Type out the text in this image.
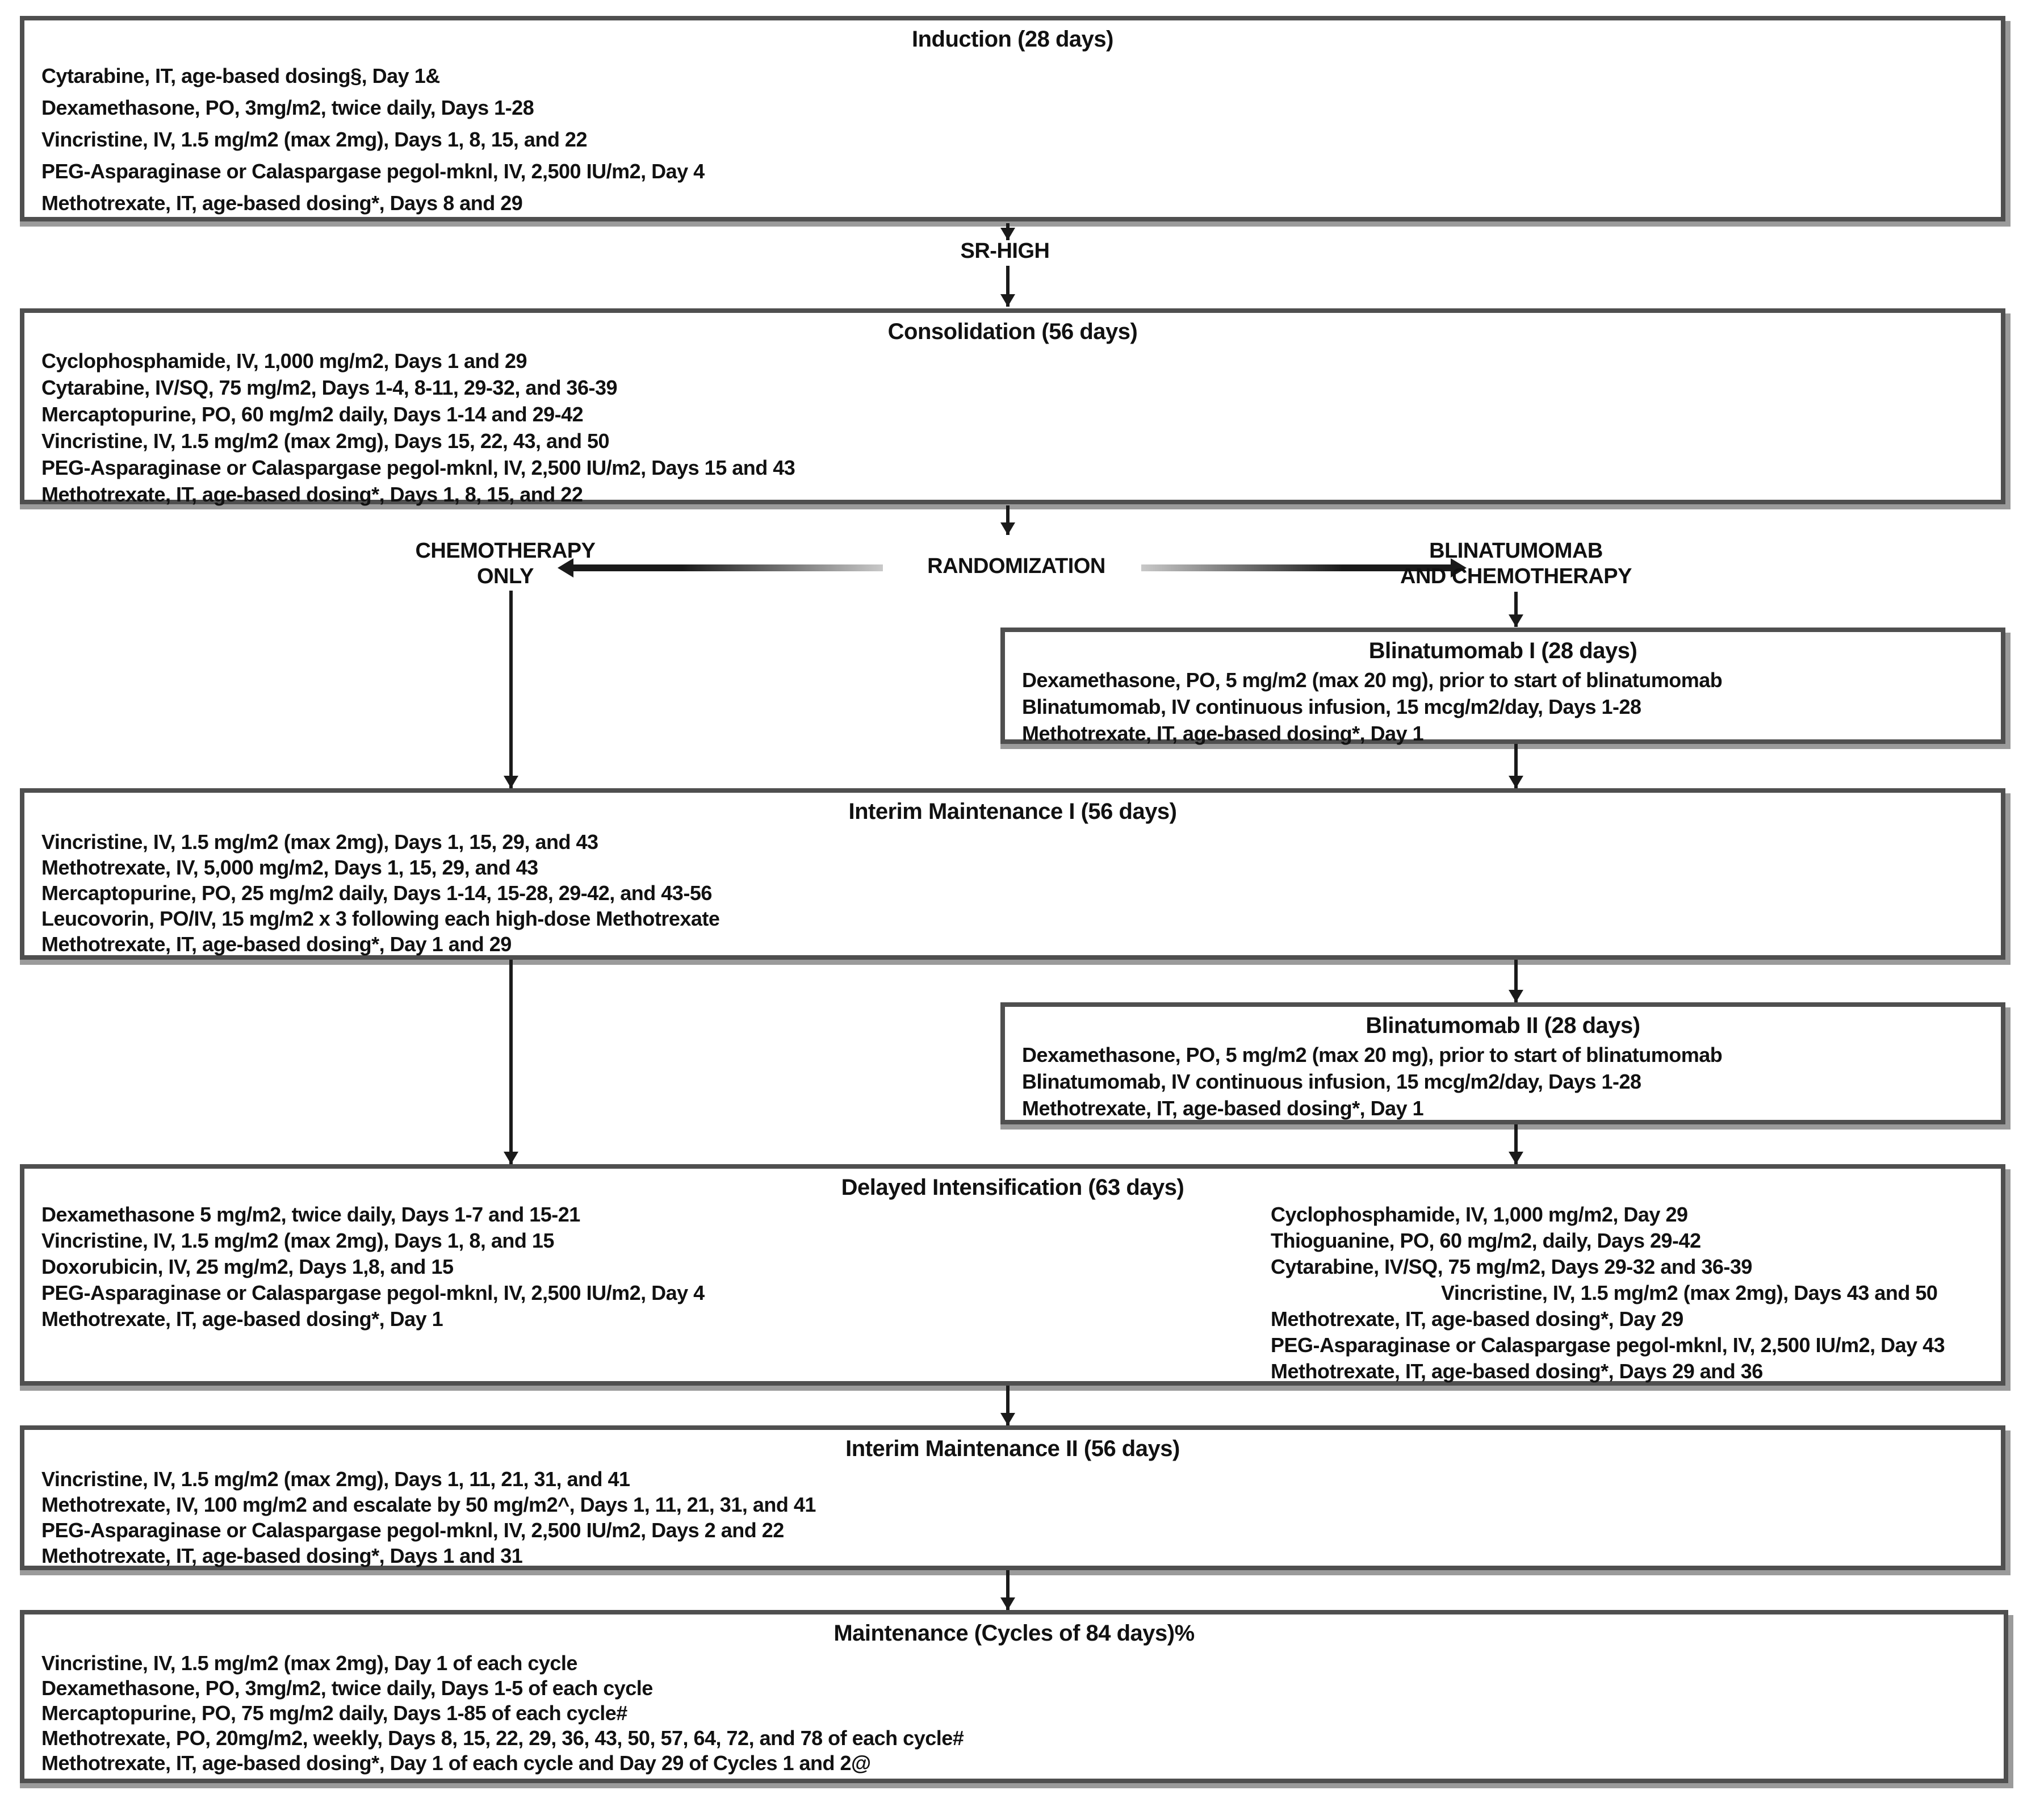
Induction (28 days)
Cytarabine, IT, age-based dosing§, Day 1&
Dexamethasone, PO, 3mg/m2, twice daily, Days 1-28
Vincristine, IV, 1.5 mg/m2 (max 2mg), Days 1, 8, 15, and 22
PEG-Asparaginase or Calaspargase pegol-mknl, IV, 2,500 IU/m2, Day 4
Methotrexate, IT, age-based dosing*, Days 8 and 29
SR-HIGH
Consolidation (56 days)
Cyclophosphamide, IV, 1,000 mg/m2, Days 1 and 29
Cytarabine, IV/SQ, 75 mg/m2, Days 1-4, 8-11, 29-32, and 36-39
Mercaptopurine, PO, 60 mg/m2 daily, Days 1-14 and 29-42
Vincristine, IV, 1.5 mg/m2 (max 2mg), Days 15, 22, 43, and 50
PEG-Asparaginase or Calaspargase pegol-mknl, IV, 2,500 IU/m2, Days 15 and 43
Methotrexate, IT, age-based dosing*, Days 1, 8, 15, and 22
CHEMOTHERAPY
ONLY	RANDOMIZATION
BLINATUMOMAB
AND CHEMOTHERAPY
Blinatumomab I (28 days)
Dexamethasone, PO, 5 mg/m2 (max 20 mg), prior to start of blinatumomab
Blinatumomab, IV continuous infusion, 15 mcg/m2/day, Days 1-28
Methotrexate, IT, age-based dosing*, Day 1
Interim Maintenance I (56 days)
Vincristine, IV, 1.5 mg/m2 (max 2mg), Days 1, 15, 29, and 43
Methotrexate, IV, 5,000 mg/m2, Days 1, 15, 29, and 43
Mercaptopurine, PO, 25 mg/m2 daily, Days 1-14, 15-28, 29-42, and 43-56
Leucovorin, PO/IV, 15 mg/m2 x 3 following each high-dose Methotrexate
Methotrexate, IT, age-based dosing*, Day 1 and 29
Blinatumomab II (28 days)
Dexamethasone, PO, 5 mg/m2 (max 20 mg), prior to start of blinatumomab
Blinatumomab, IV continuous infusion, 15 mcg/m2/day, Days 1-28
Methotrexate, IT, age-based dosing*, Day 1
Delayed Intensification (63 days)
Dexamethasone 5 mg/m2, twice daily, Days 1-7 and 15-21
Vincristine, IV, 1.5 mg/m2 (max 2mg), Days 1, 8, and 15
Doxorubicin, IV, 25 mg/m2, Days 1,8, and 15
PEG-Asparaginase or Calaspargase pegol-mknl, IV, 2,500 IU/m2, Day 4
Methotrexate, IT, age-based dosing*, Day 1
Cyclophosphamide, IV, 1,000 mg/m2, Day 29
Thioguanine, PO, 60 mg/m2, daily, Days 29-42
Cytarabine, IV/SQ, 75 mg/m2, Days 29-32 and 36-39
Vincristine, IV, 1.5 mg/m2 (max 2mg), Days 43 and 50
Methotrexate, IT, age-based dosing*, Day 29
PEG-Asparaginase or Calaspargase pegol-mknl, IV, 2,500 IU/m2, Day 43
Methotrexate, IT, age-based dosing*, Days 29 and 36
Interim Maintenance II (56 days)
Vincristine, IV, 1.5 mg/m2 (max 2mg), Days 1, 11, 21, 31, and 41
Methotrexate, IV, 100 mg/m2 and escalate by 50 mg/m2^, Days 1, 11, 21, 31, and 41
PEG-Asparaginase or Calaspargase pegol-mknl, IV, 2,500 IU/m2, Days 2 and 22
Methotrexate, IT, age-based dosing*, Days 1 and 31
Maintenance (Cycles of 84 days)%
Vincristine, IV, 1.5 mg/m2 (max 2mg), Day 1 of each cycle
Dexamethasone, PO, 3mg/m2, twice daily, Days 1-5 of each cycle
Mercaptopurine, PO, 75 mg/m2 daily, Days 1-85 of each cycle#
Methotrexate, PO, 20mg/m2, weekly, Days 8, 15, 22, 29, 36, 43, 50, 57, 64, 72, and 78 of each cycle#
Methotrexate, IT, age-based dosing*, Day 1 of each cycle and Day 29 of Cycles 1 and 2@
